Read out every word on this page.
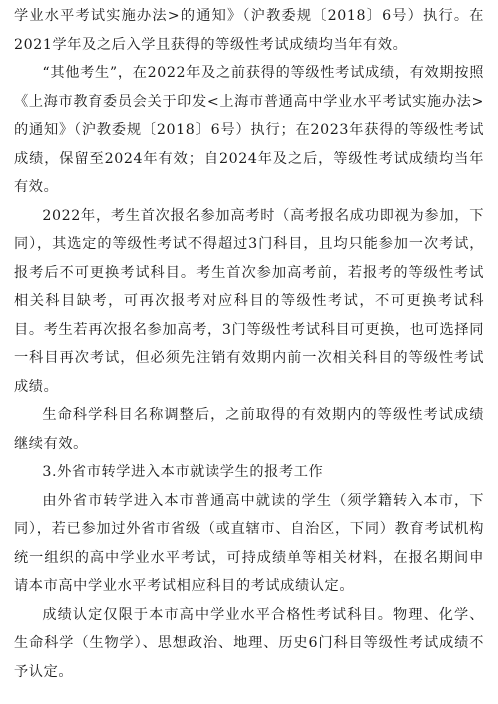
学业水平考试实施办法>的通知》（沪教委规〔2018〕6号）执行。在2021学年及之后入学且获得的等级性考试成绩均当年有效。

“其他考生”，在2022年及之前获得的等级性考试成绩，有效期按照《上海市教育委员会关于印发<上海市普通高中学业水平考试实施办法>的通知》（沪教委规〔2018〕6号）执行；在2023年获得的等级性考试成绩，保留至2024年有效；自2024年及之后，等级性考试成绩均当年有效。

2022年，考生首次报名参加高考时（高考报名成功即视为参加，下同），其选定的等级性考试不得超过3门科目，且均只能参加一次考试，报考后不可更换考试科目。考生首次参加高考前，若报考的等级性考试相关科目缺考，可再次报考对应科目的等级性考试，不可更换考试科目。考生若再次报名参加高考，3门等级性考试科目可更换，也可选择同一科目再次考试，但必须先注销有效期内前一次相关科目的等级性考试成绩。

生命科学科目名称调整后，之前取得的有效期内的等级性考试成绩继续有效。

3.外省市转学进入本市就读学生的报考工作

由外省市转学进入本市普通高中就读的学生（须学籍转入本市，下同），若已参加过外省市省级（或直辖市、自治区，下同）教育考试机构统一组织的高中学业水平考试，可持成绩单等相关材料，在报名期间申请本市高中学业水平考试相应科目的考试成绩认定。

成绩认定仅限于本市高中学业水平合格性考试科目。物理、化学、生命科学（生物学）、思想政治、地理、历史6门科目等级性考试成绩不予认定。
